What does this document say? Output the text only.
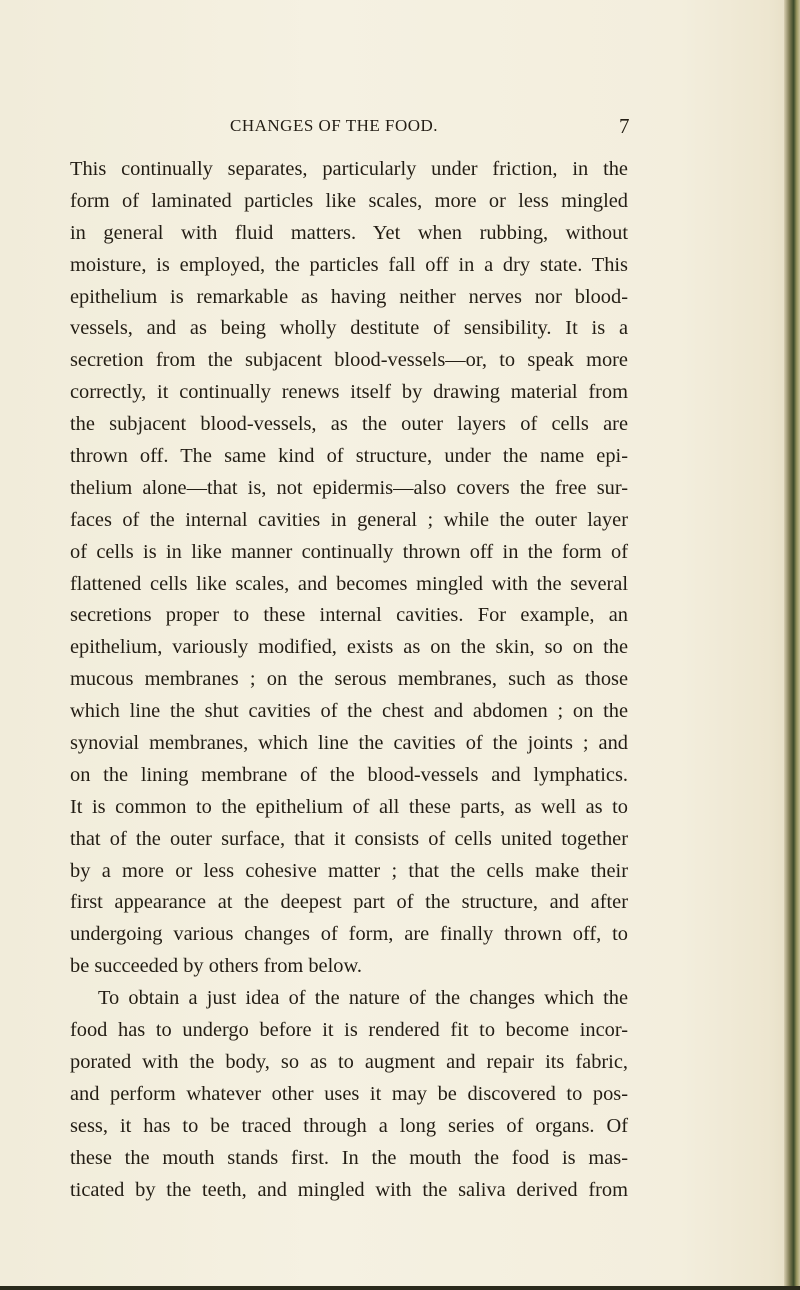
CHANGES OF THE FOOD.	7
This continually separates, particularly under friction, in the
form of laminated particles like scales, more or less mingled
in general with fluid matters. Yet when rubbing, without
moisture, is employed, the particles fall off in a dry state. This
epithelium is remarkable as having neither nerves nor blood-
vessels, and as being wholly destitute of sensibility. It is a
secretion from the subjacent blood-vessels—or, to speak more
correctly, it continually renews itself by drawing material from
the subjacent blood-vessels, as the outer layers of cells are
thrown off. The same kind of structure, under the name epi-
thelium alone—that is, not epidermis—also covers the free sur-
faces of the internal cavities in general ; while the outer layer
of cells is in like manner continually thrown off in the form of
flattened cells like scales, and becomes mingled with the several
secretions proper to these internal cavities. For example, an
epithelium, variously modified, exists as on the skin, so on the
mucous membranes ; on the serous membranes, such as those
which line the shut cavities of the chest and abdomen ; on the
synovial membranes, which line the cavities of the joints ; and
on the lining membrane of the blood-vessels and lymphatics.
It is common to the epithelium of all these parts, as well as to
that of the outer surface, that it consists of cells united together
by a more or less cohesive matter ; that the cells make their
first appearance at the deepest part of the structure, and after
undergoing various changes of form, are finally thrown off, to
be succeeded by others from below.
To obtain a just idea of the nature of the changes which the
food has to undergo before it is rendered fit to become incor-
porated with the body, so as to augment and repair its fabric,
and perform whatever other uses it may be discovered to pos-
sess, it has to be traced through a long series of organs. Of
these the mouth stands first. In the mouth the food is mas-
ticated by the teeth, and mingled with the saliva derived from
